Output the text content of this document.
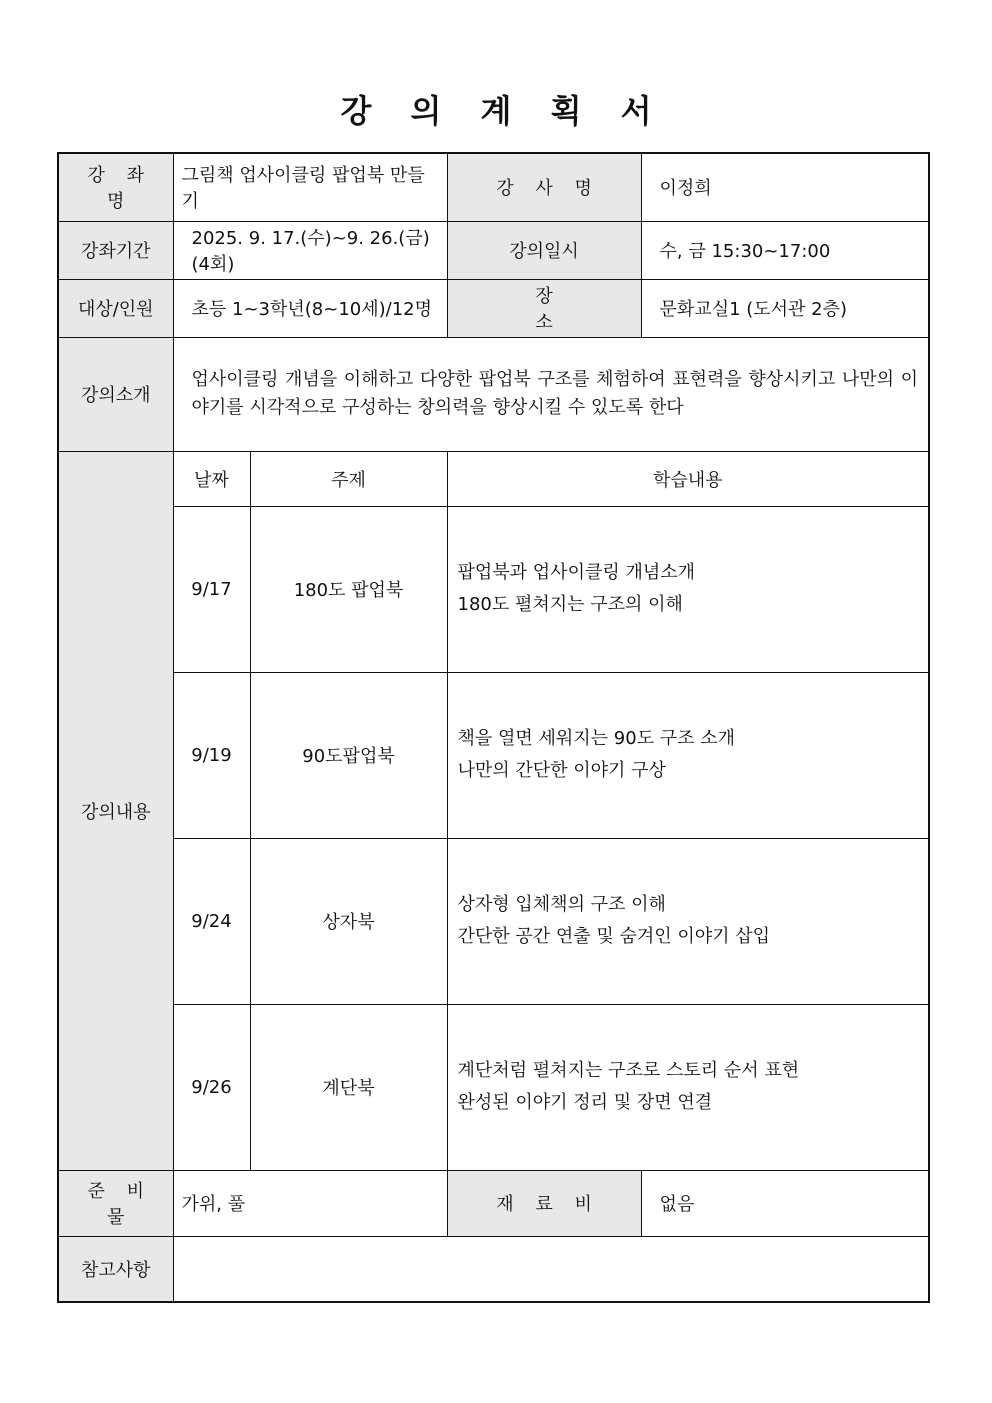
강 의 계 획 서
강 좌 명	그림책 업사이클링 팝업북 만들기		강 사 명	이정희
강좌기간	2025. 9. 17.(수)~9. 26.(금)(4회)		강의일시	수, 금 15:30~17:00
대상/인원	초등 1~3학년(8~10세)/12명		장 소	문화교실1 (도서관 2층)
강의소개	업사이클링 개념을 이해하고 다양한 팝업북 구조를 체험하여 표현력을 향상시키고 나만의 이야기를 시각적으로 구성하는 창의력을 향상시킬 수 있도록 한다			
강의내용	날짜	주제	학습내용	
	9/17	180도 팝업북	팝업북과 업사이클링 개념소개
180도 펼쳐지는 구조의 이해	

	9/19	90도팝업북	책을 열면 세워지는 90도 구조 소개
나만의 간단한 이야기 구상	

	9/24	상자북	상자형 입체책의 구조 이해
간단한 공간 연출 및 숨겨인 이야기 삽입	

	9/26	계단북	계단처럼 펼쳐지는 구조로 스토리 순서 표현
완성된 이야기 정리 및 장면 연결	

준 비 물	가위, 풀		재 료 비	없음
참고사항				
